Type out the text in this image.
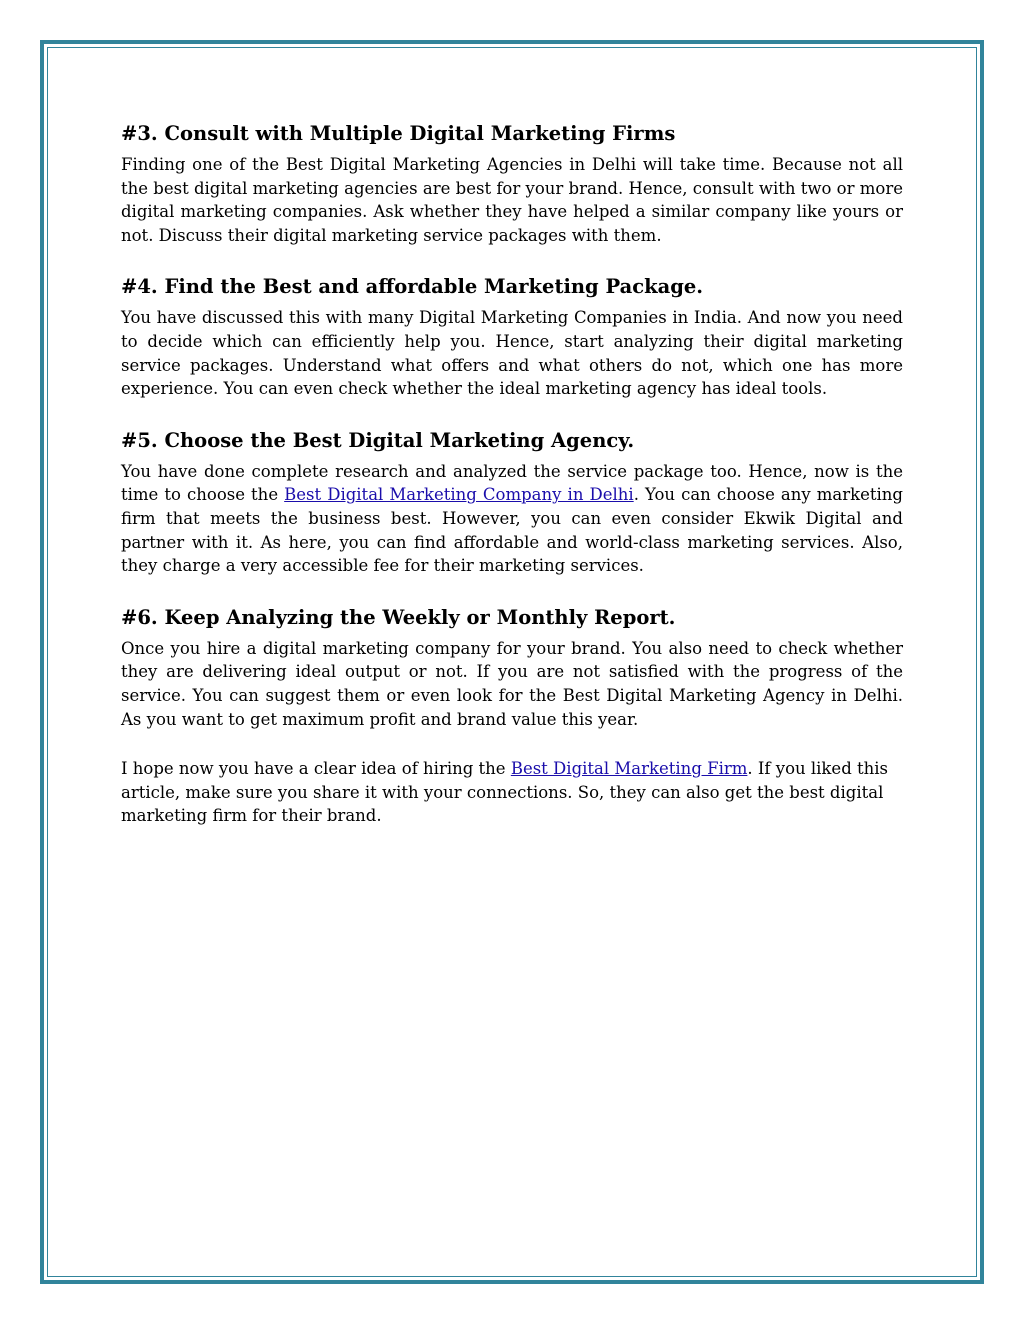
#3. Consult with Multiple Digital Marketing Firms

Finding one of the Best Digital Marketing Agencies in Delhi will take time. Because not all the best digital marketing agencies are best for your brand. Hence, consult with two or more digital marketing companies. Ask whether they have helped a similar company like yours or not. Discuss their digital marketing service packages with them.

#4. Find the Best and affordable Marketing Package.

You have discussed this with many Digital Marketing Companies in India. And now you need to decide which can efficiently help you. Hence, start analyzing their digital marketing service packages. Understand what offers and what others do not, which one has more experience. You can even check whether the ideal marketing agency has ideal tools.

#5. Choose the Best Digital Marketing Agency.

You have done complete research and analyzed the service package too. Hence, now is the time to choose the Best Digital Marketing Company in Delhi. You can choose any marketing firm that meets the business best. However, you can even consider Ekwik Digital and partner with it. As here, you can find affordable and world-class marketing services. Also, they charge a very accessible fee for their marketing services.

#6. Keep Analyzing the Weekly or Monthly Report.

Once you hire a digital marketing company for your brand. You also need to check whether they are delivering ideal output or not. If you are not satisfied with the progress of the service. You can suggest them or even look for the Best Digital Marketing Agency in Delhi. As you want to get maximum profit and brand value this year.

I hope now you have a clear idea of hiring the Best Digital Marketing Firm. If you liked this article, make sure you share it with your connections. So, they can also get the best digital marketing firm for their brand.
